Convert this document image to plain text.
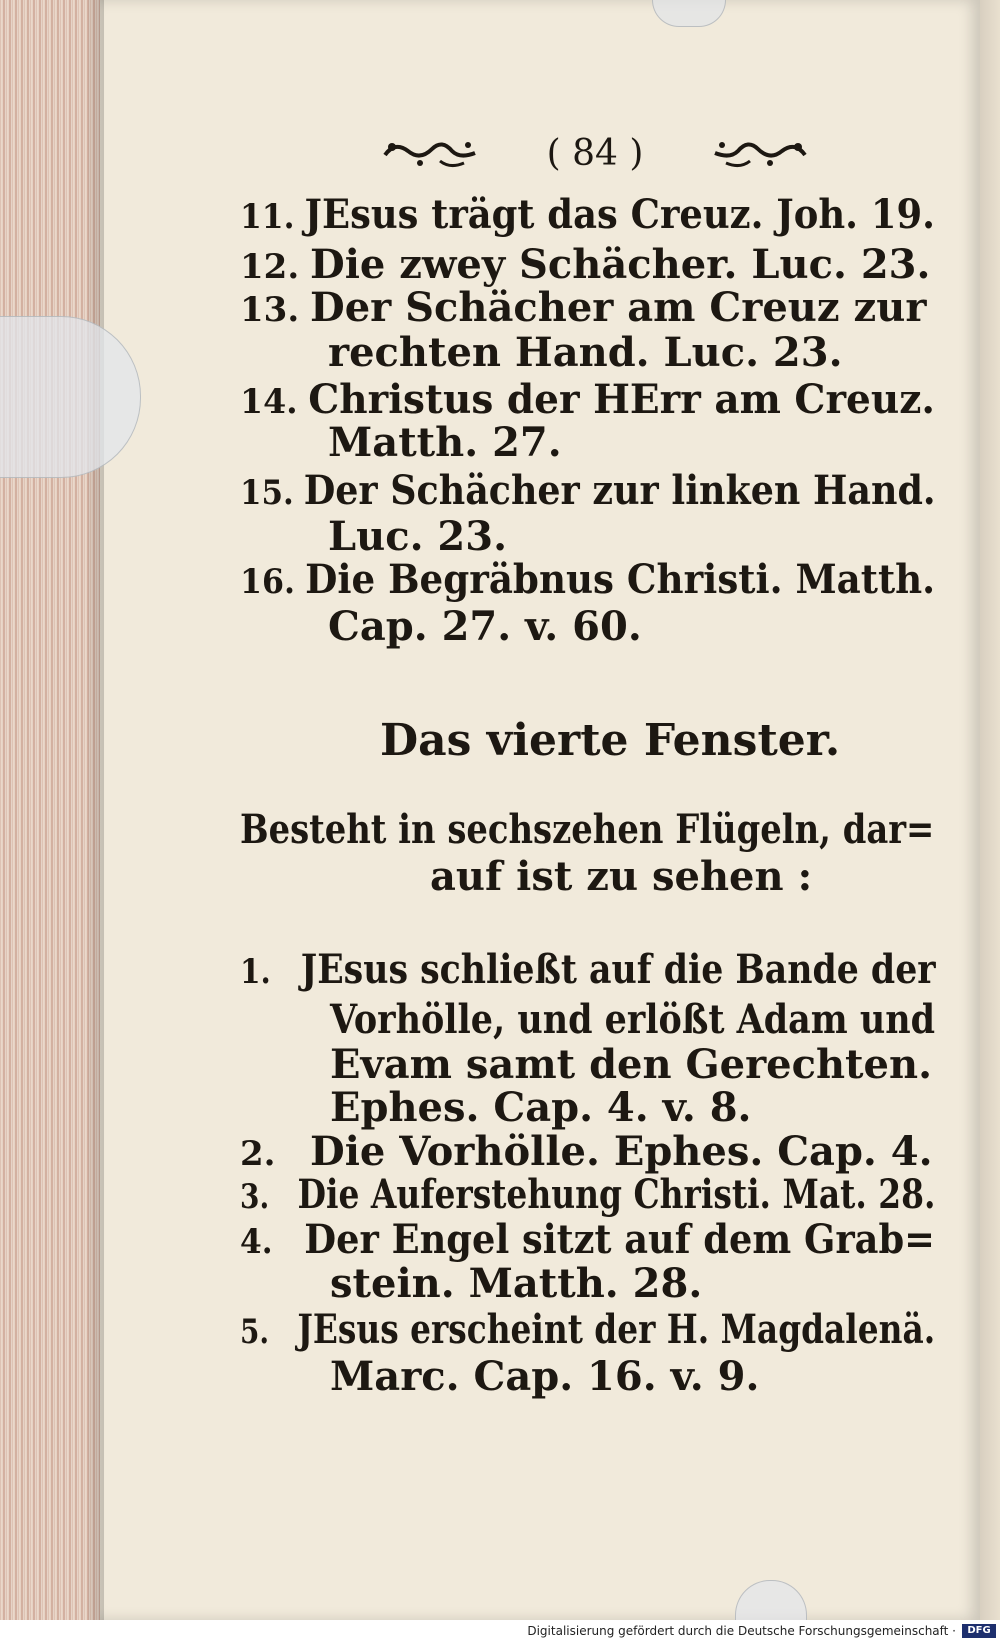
( 84 )
11. JEsus trägt das Creuz. Joh. 19.
12. Die zwey Schächer. Luc. 23.
13. Der Schächer am Creuz zur
rechten Hand. Luc. 23.
14. Christus der HErr am Creuz.
Matth. 27.
15. Der Schächer zur linken Hand.
Luc. 23.
16. Die Begräbnus Christi. Matth.
Cap. 27. v. 60.
Das vierte Fenster.
Besteht in sechszehen Flügeln, dar=
auf ist zu sehen :
1. JEsus schließt auf die Bande der
Vorhölle, und erlößt Adam und
Evam samt den Gerechten.
Ephes. Cap. 4. v. 8.
2. Die Vorhölle. Ephes. Cap. 4.
3. Die Auferstehung Christi. Mat. 28.
4. Der Engel sitzt auf dem Grab=
stein. Matth. 28.
5. JEsus erscheint der H. Magdalenä.
Marc. Cap. 16. v. 9.
Digitalisierung gefördert durch die Deutsche Forschungsgemeinschaft ·	DFG
